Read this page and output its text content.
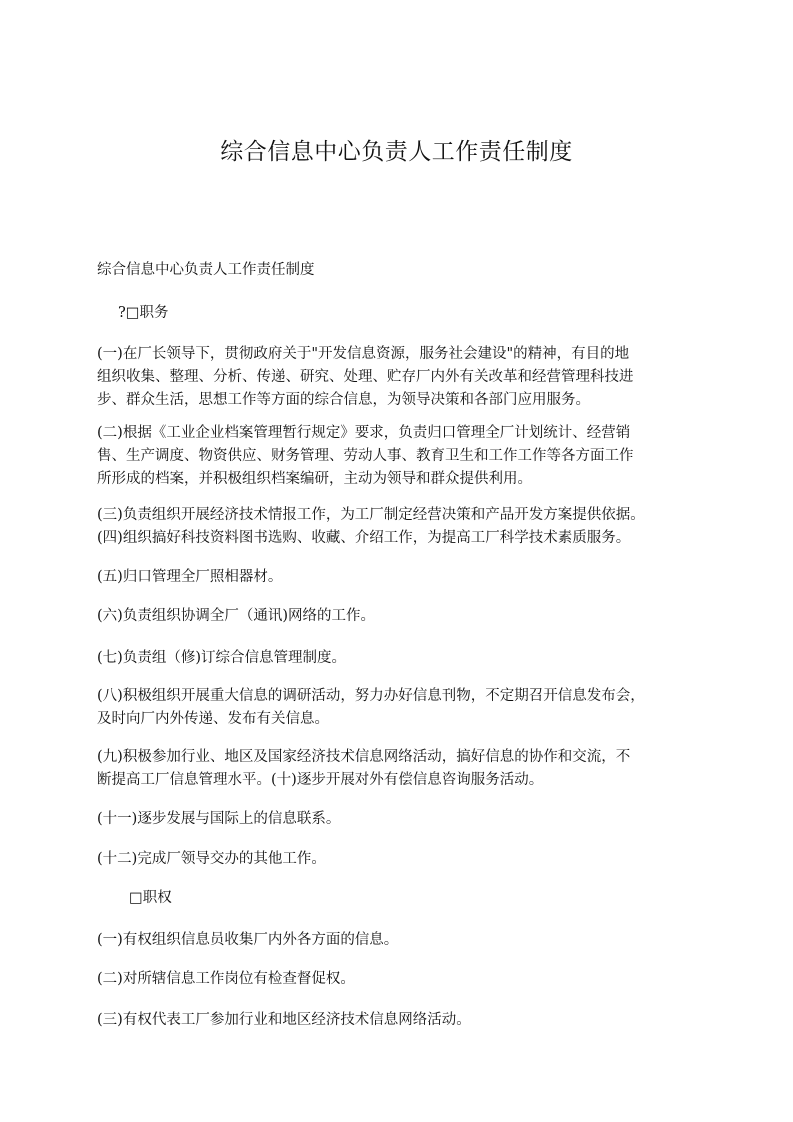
综合信息中心负责人工作责任制度
综合信息中心负责人工作责任制度
?□职务
(一)在厂长领导下，贯彻政府关于"开发信息资源，服务社会建设"的精神，有目的地
组织收集、整理、分析、传递、研究、处理、贮存厂内外有关改革和经营管理科技进
步、群众生活，思想工作等方面的综合信息，为领导决策和各部门应用服务。
(二)根据《工业企业档案管理暂行规定》要求，负责归口管理全厂计划统计、经营销
售、生产调度、物资供应、财务管理、劳动人事、教育卫生和工作工作等各方面工作
所形成的档案，并积极组织档案编研，主动为领导和群众提供利用。
(三)负责组织开展经济技术情报工作，为工厂制定经营决策和产品开发方案提供依据。
(四)组织搞好科技资料图书选购、收藏、介绍工作，为提高工厂科学技术素质服务。
(五)归口管理全厂照相器材。
(六)负责组织协调全厂（通讯)网络的工作。
(七)负责组（修)订综合信息管理制度。
(八)积极组织开展重大信息的调研活动，努力办好信息刊物，不定期召开信息发布会，
及时向厂内外传递、发布有关信息。
(九)积极参加行业、地区及国家经济技术信息网络活动，搞好信息的协作和交流，不
断提高工厂信息管理水平。(十)逐步开展对外有偿信息咨询服务活动。
(十一)逐步发展与国际上的信息联系。
(十二)完成厂领导交办的其他工作。
□职权
(一)有权组织信息员收集厂内外各方面的信息。
(二)对所辖信息工作岗位有检查督促权。
(三)有权代表工厂参加行业和地区经济技术信息网络活动。
